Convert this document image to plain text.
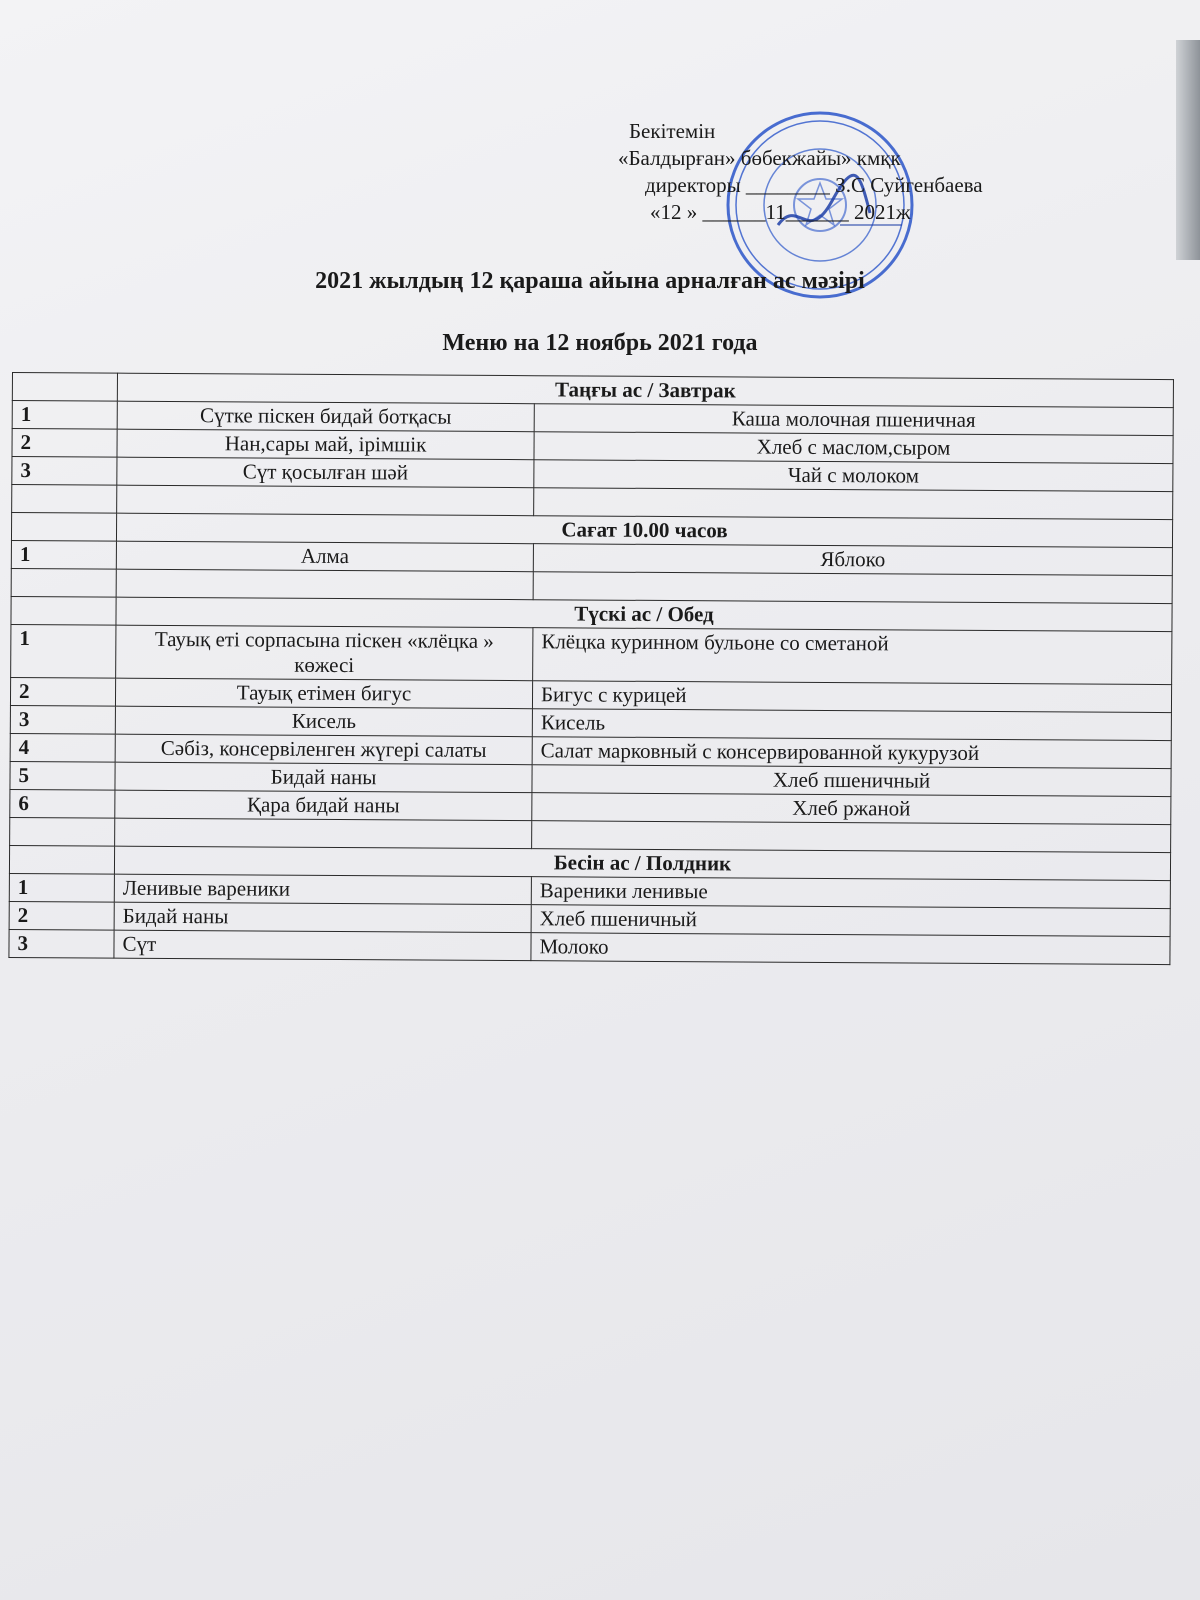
Бекітемін
«Балдырған» бөбекжайы» кмқк
директоры ________ З.С Суйгенбаева
«12 » ______11______ 2021ж
2021 жылдың 12 қараша айына арналған ас мәзірі
Меню на 12 ноябрь 2021 года
	Таңғы ас / Завтрак	
1	Сүтке піскен бидай ботқасы	Каша молочная пшеничная
2	Нан,сары май, ірімшік	Хлеб с маслом,сыром
3	Сүт қосылған шәй	Чай с молоком

	Сағат 10.00 часов	
1	Алма	Яблоко

	Түскі ас / Обед	
1	Тауық еті сорпасына піскен «клёцка » көжесі	Клёцка куринном бульоне со сметаной
2	Тауық етімен бигус	Бигус с курицей
3	Кисель	Кисель
4	Сәбіз, консервіленген жүгері салаты	Салат марковный с консервированной кукурузой
5	Бидай наны	Хлеб пшеничный
6	Қара бидай наны	Хлеб ржаной

	Бесін ас / Полдник	
1	Ленивые вареники	Вареники ленивые
2	Бидай наны	Хлеб пшеничный
3	Сүт	Молоко
